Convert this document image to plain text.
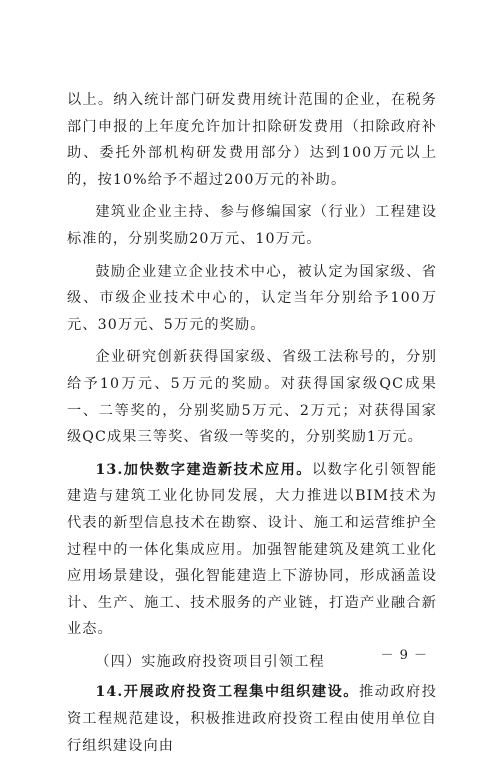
以上。纳入统计部门研发费用统计范围的企业，在税务部门申报的上年度允许加计扣除研发费用（扣除政府补助、委托外部机构研发费用部分）达到100万元以上的，按10%给予不超过200万元的补助。

建筑业企业主持、参与修编国家（行业）工程建设标准的，分别奖励20万元、10万元。

鼓励企业建立企业技术中心，被认定为国家级、省级、市级企业技术中心的，认定当年分别给予100万元、30万元、5万元的奖励。

企业研究创新获得国家级、省级工法称号的，分别给予10万元、5万元的奖励。对获得国家级QC成果一、二等奖的，分别奖励5万元、2万元；对获得国家级QC成果三等奖、省级一等奖的，分别奖励1万元。

13.加快数字建造新技术应用。以数字化引领智能建造与建筑工业化协同发展，大力推进以BIM技术为代表的新型信息技术在勘察、设计、施工和运营维护全过程中的一体化集成应用。加强智能建筑及建筑工业化应用场景建设，强化智能建造上下游协同，形成涵盖设计、生产、施工、技术服务的产业链，打造产业融合新业态。

（四）实施政府投资项目引领工程

14.开展政府投资工程集中组织建设。推动政府投资工程规范建设，积极推进政府投资工程由使用单位自行组织建设向由

－ 9 －
